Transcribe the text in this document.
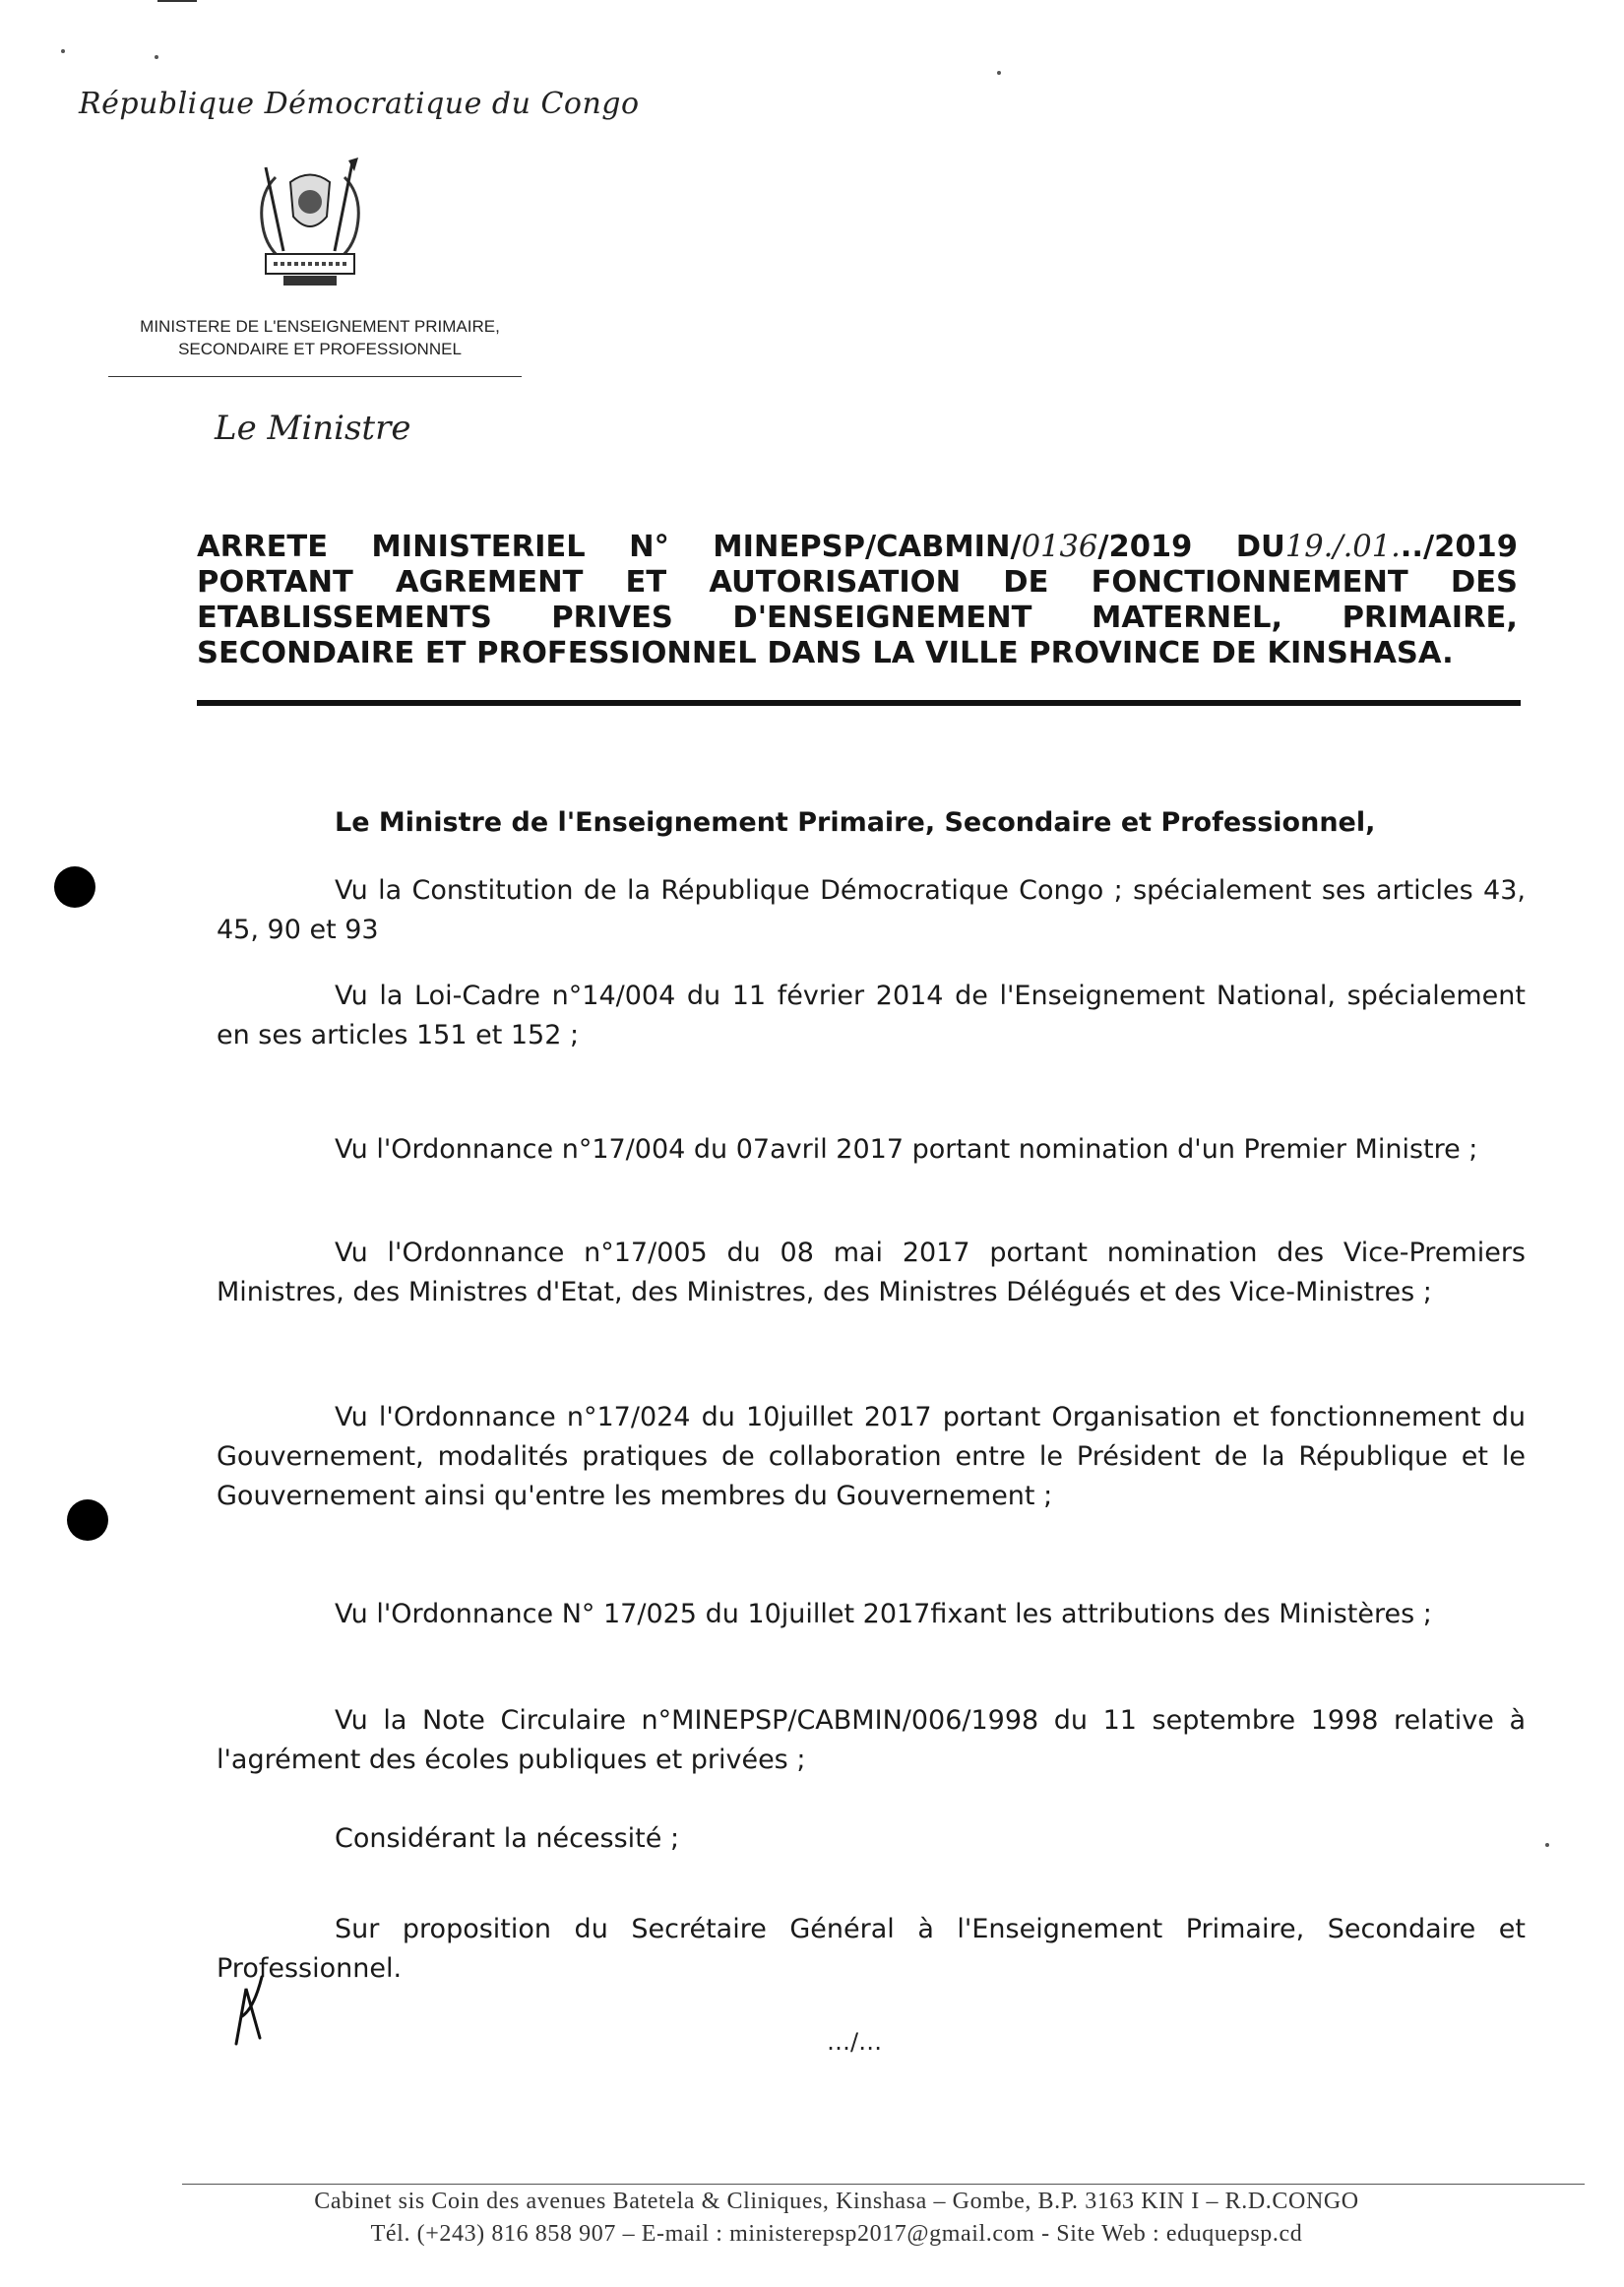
République Démocratique du Congo
MINISTERE DE L'ENSEIGNEMENT PRIMAIRE,
SECONDAIRE ET PROFESSIONNEL
Le Ministre
ARRETE MINISTERIEL N° MINEPSP/CABMIN/0136/2019 DU19./.01.../2019
PORTANT AGREMENT ET AUTORISATION DE FONCTIONNEMENT DES
ETABLISSEMENTS PRIVES D'ENSEIGNEMENT MATERNEL, PRIMAIRE,
SECONDAIRE ET PROFESSIONNEL DANS LA VILLE PROVINCE DE KINSHASA.
Le Ministre de l'Enseignement Primaire, Secondaire et Professionnel,
Vu la Constitution de la République Démocratique Congo ; spécialement ses articles 43, 45, 90 et 93
Vu la Loi-Cadre n°14/004 du 11 février 2014 de l'Enseignement National, spécialement en ses articles 151 et 152 ;
Vu l'Ordonnance n°17/004 du 07avril 2017 portant nomination d'un Premier Ministre ;
Vu l'Ordonnance n°17/005 du 08 mai 2017 portant nomination des Vice-Premiers Ministres, des Ministres d'Etat, des Ministres, des Ministres Délégués et des Vice-Ministres ;
Vu l'Ordonnance n°17/024 du 10juillet 2017 portant Organisation et fonctionnement du Gouvernement, modalités pratiques de collaboration entre le Président de la République et le Gouvernement ainsi qu'entre les membres du Gouvernement ;
Vu l'Ordonnance N° 17/025 du 10juillet 2017fixant les attributions des Ministères ;
Vu la Note Circulaire n°MINEPSP/CABMIN/006/1998 du 11 septembre 1998 relative à l'agrément des écoles publiques et privées ;
Considérant la nécessité ;
Sur proposition du Secrétaire Général à l'Enseignement Primaire, Secondaire et Professionnel.
…/…
Cabinet sis Coin des avenues Batetela & Cliniques, Kinshasa – Gombe, B.P. 3163 KIN I – R.D.CONGO
Tél. (+243) 816 858 907 – E-mail : ministerepsp2017@gmail.com - Site Web : eduquepsp.cd
